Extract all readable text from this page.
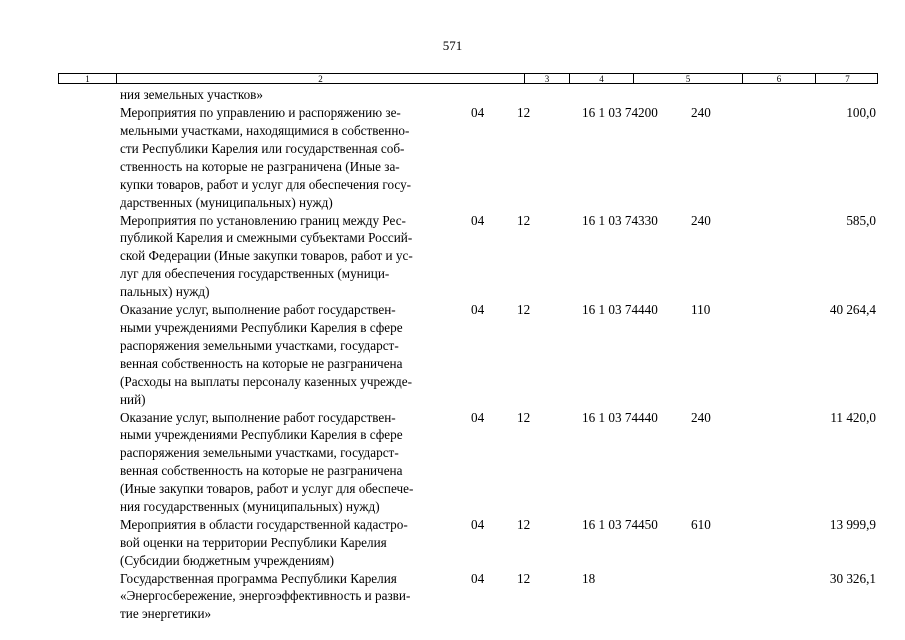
571
1	2	3	4	5	6	7
ния земельных участков»
Мероприятия по управлению и распоряжению зе-
мельными участками, находящимися в собственно-
сти Республики Карелия или государственная соб-
ственность на которые не разграничена (Иные за-
купки товаров, работ и услуг для обеспечения госу-
дарственных (муниципальных) нужд)
04 12	16 1 03 74200	240	100,0
Мероприятия по установлению границ между Рес-
публикой Карелия и смежными субъектами Россий-
ской Федерации (Иные закупки товаров, работ и ус-
луг для обеспечения государственных (муници-
пальных) нужд)
04 12	16 1 03 74330	240	585,0
Оказание услуг, выполнение работ государствен-
ными учреждениями Республики Карелия в сфере
распоряжения земельными участками, государст-
венная собственность на которые не разграничена
(Расходы на выплаты персоналу казенных учрежде-
ний)
04 12	16 1 03 74440	110	40 264,4
Оказание услуг, выполнение работ государствен-
ными учреждениями Республики Карелия в сфере
распоряжения земельными участками, государст-
венная собственность на которые не разграничена
(Иные закупки товаров, работ и услуг для обеспече-
ния государственных (муниципальных) нужд)
04 12	16 1 03 74440	240	11 420,0
Мероприятия в области государственной кадастро-
вой оценки на территории Республики Карелия
(Субсидии бюджетным учреждениям)
04 12	16 1 03 74450	610	13 999,9
Государственная программа Республики Карелия
«Энергосбережение, энергоэффективность и разви-
тие энергетики»
04 12	18	30 326,1
